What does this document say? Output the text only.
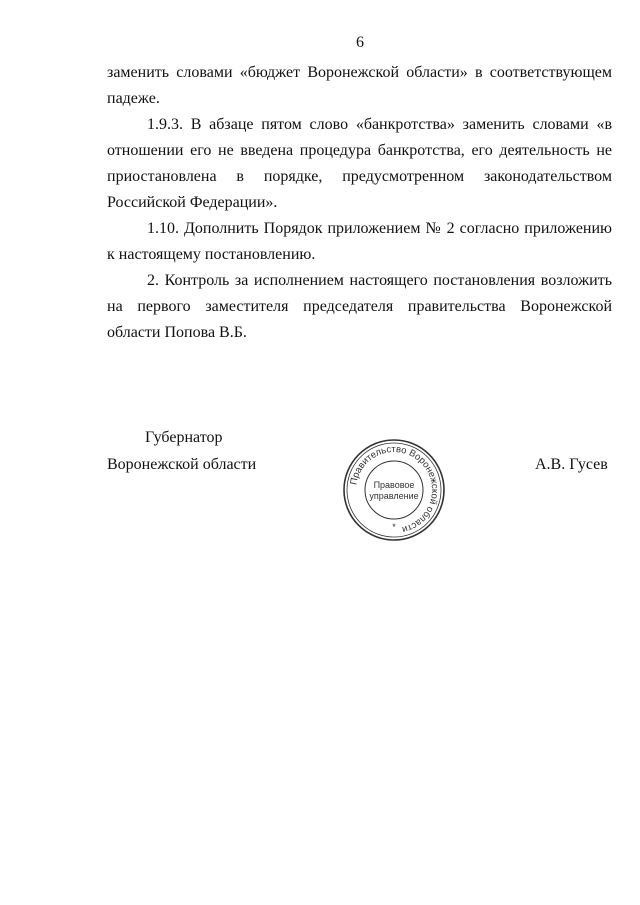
6

заменить словами «бюджет Воронежской области» в соответствующем падеже.

1.9.3. В абзаце пятом слово «банкротства» заменить словами «в отношении его не введена процедура банкротства, его деятельность не приостановлена в порядке, предусмотренном законодательством Российской Федерации».

1.10. Дополнить Порядок приложением № 2 согласно приложению к настоящему постановлению.

2. Контроль за исполнением настоящего постановления возложить на первого заместителя председателя правительства Воронежской области Попова В.Б.

Губернатор
Воронежской области	А.В. Гусев
Правительство Воронежской области
Правовое
управление
*
